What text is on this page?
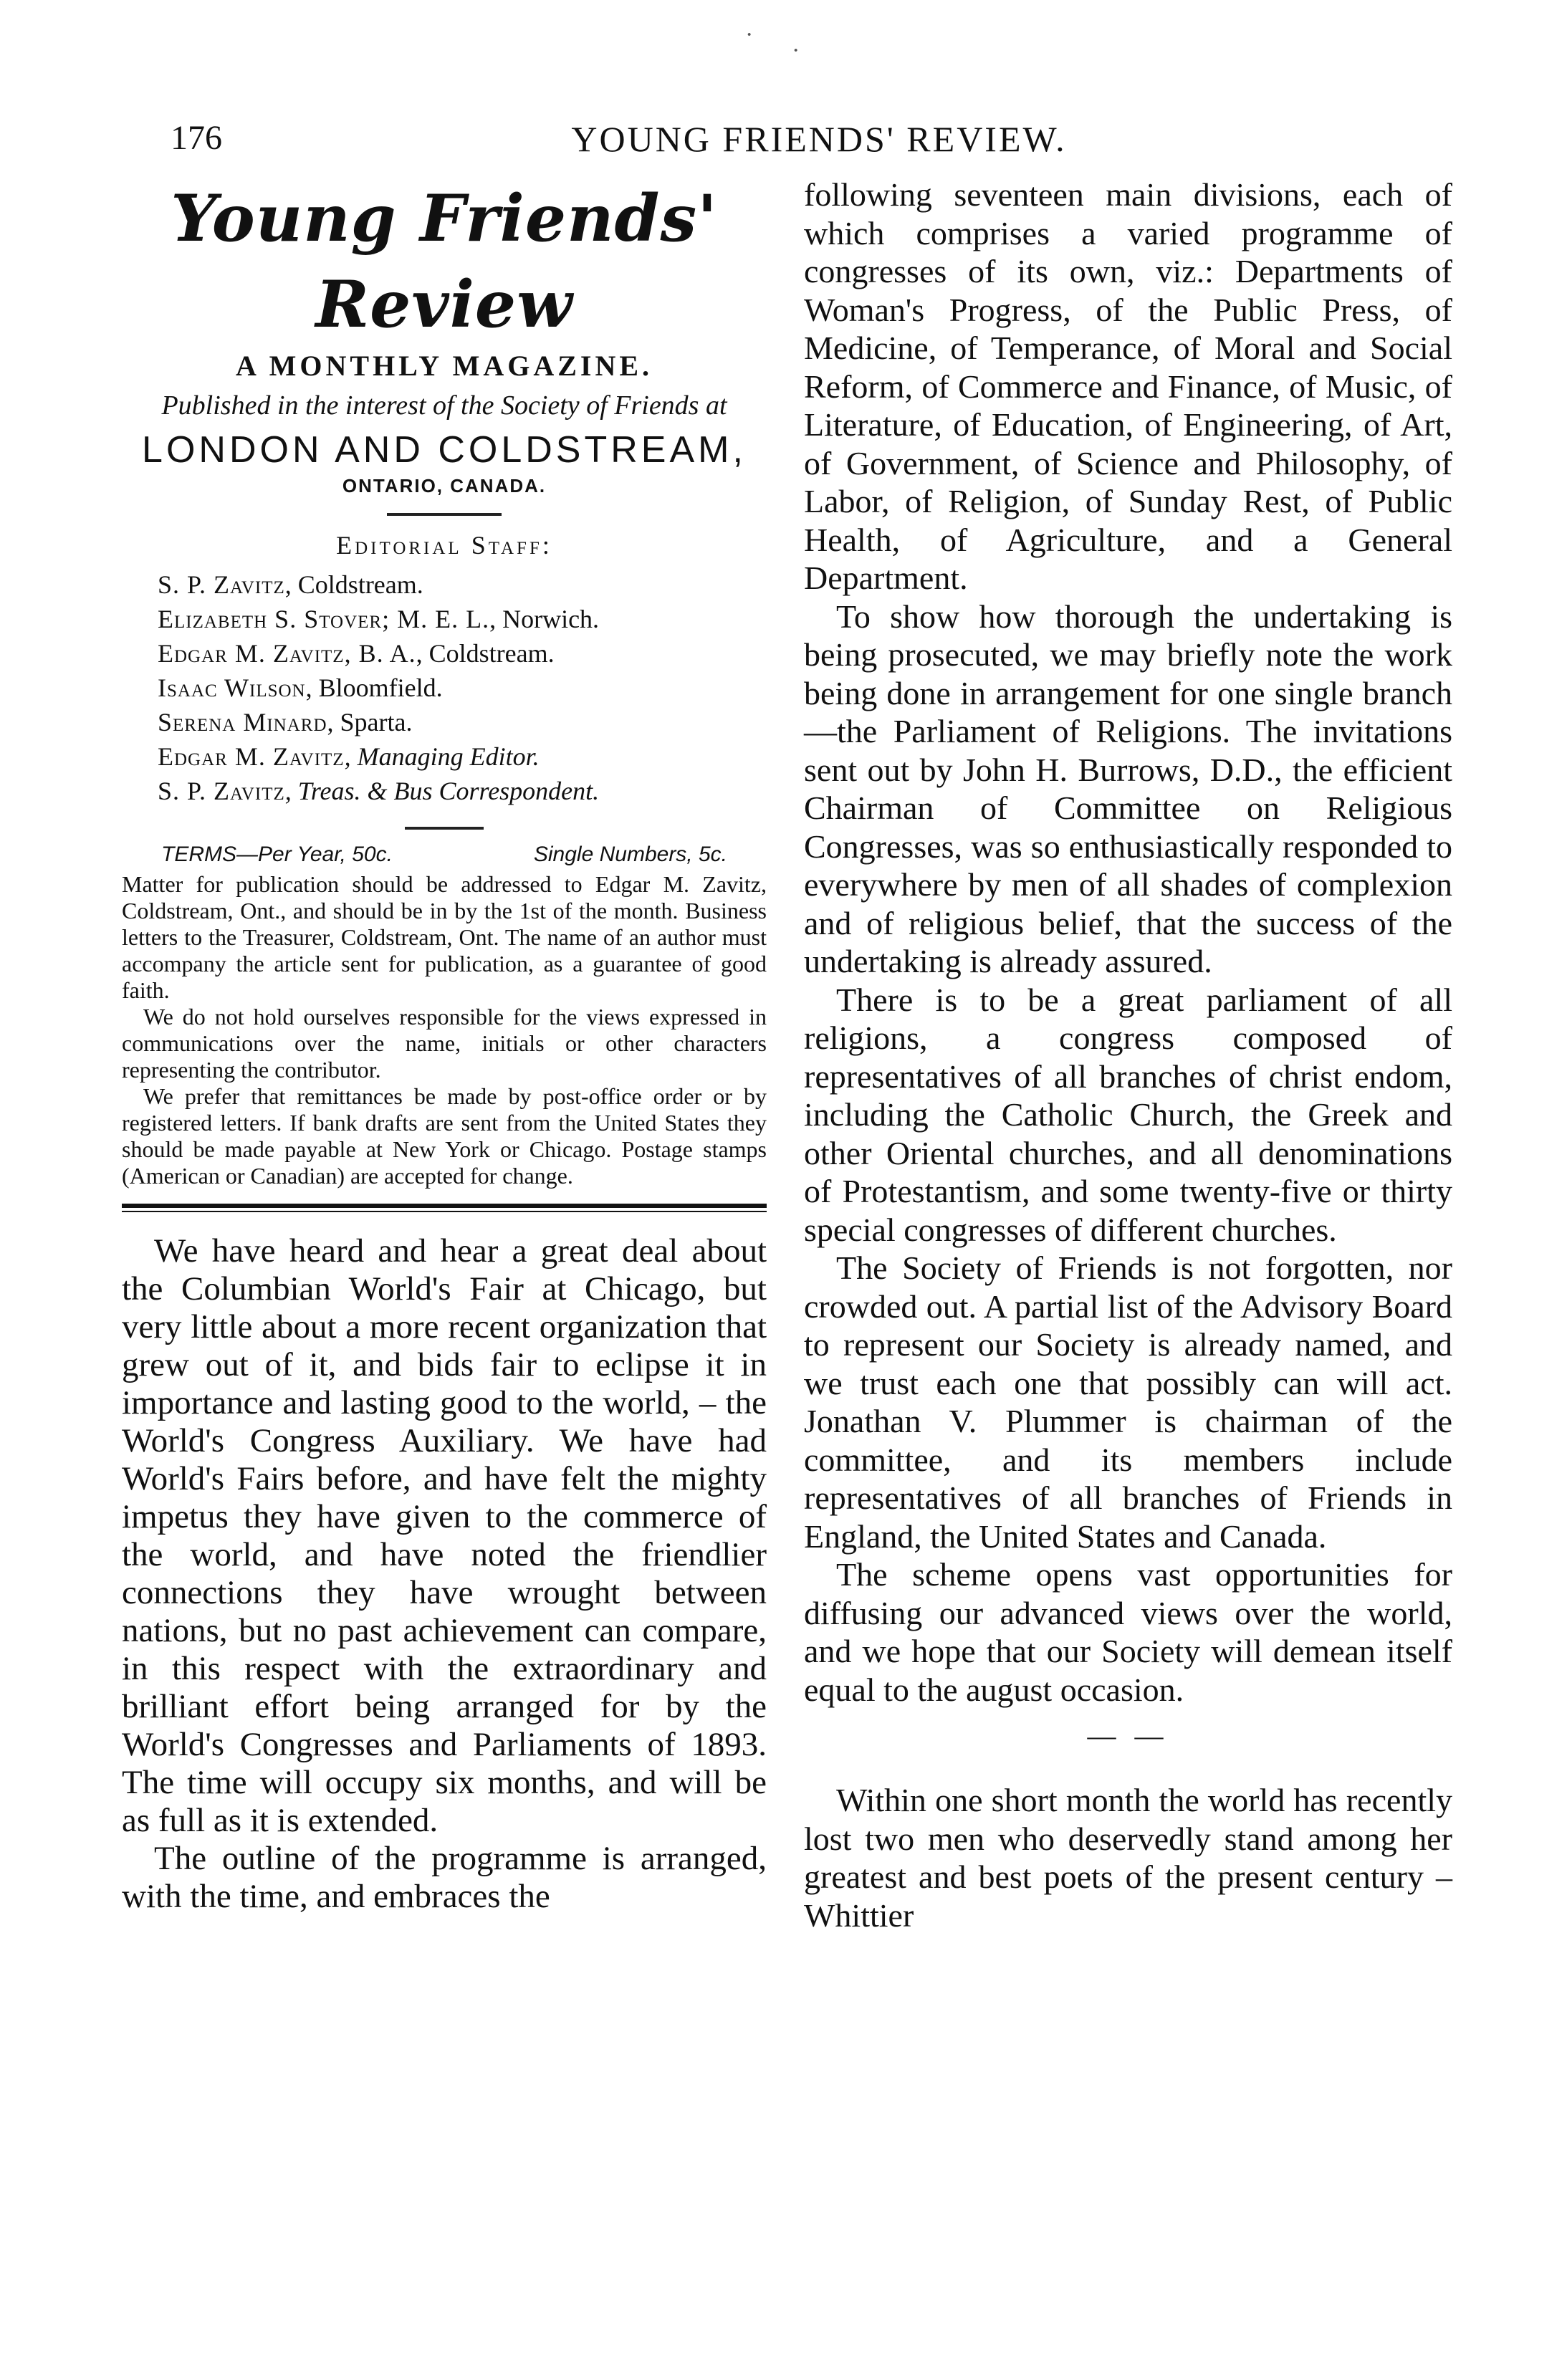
·
·
176	YOUNG FRIENDS' REVIEW.
Young Friends' Review

A MONTHLY MAGAZINE.

Published in the interest of the Society of Friends at

LONDON AND COLDSTREAM,

ONTARIO, CANADA.

Editorial Staff:

S. P. Zavitz, Coldstream.
Elizabeth S. Stover; M. E. L., Norwich.
Edgar M. Zavitz, B. A., Coldstream.
Isaac Wilson, Bloomfield.
Serena Minard, Sparta.
Edgar M. Zavitz, Managing Editor.
S. P. Zavitz, Treas. & Bus Correspondent.
TERMS—Per Year, 50c.	Single Numbers, 5c.

Matter for publication should be addressed to Edgar M. Zavitz, Coldstream, Ont., and should be in by the 1st of the month. Business letters to the Treasurer, Coldstream, Ont. The name of an author must accompany the article sent for publication, as a guarantee of good faith.

We do not hold ourselves responsible for the views expressed in communications over the name, initials or other characters representing the contributor.

We prefer that remittances be made by post-office order or by registered letters. If bank drafts are sent from the United States they should be made payable at New York or Chicago. Postage stamps (American or Canadian) are accepted for change.

We have heard and hear a great deal about the Columbian World's Fair at Chicago, but very little about a more recent organization that grew out of it, and bids fair to eclipse it in importance and lasting good to the world, – the World's Congress Auxiliary. We have had World's Fairs before, and have felt the mighty impetus they have given to the commerce of the world, and have noted the friendlier connections they have wrought between nations, but no past achievement can compare, in this respect with the extraordinary and brilliant effort being arranged for by the World's Congresses and Parliaments of 1893. The time will occupy six months, and will be as full as it is extended.

The outline of the programme is arranged, with the time, and embraces the

following seventeen main divisions, each of which comprises a varied programme of congresses of its own, viz.: Departments of Woman's Progress, of the Public Press, of Medicine, of Temperance, of Moral and Social Reform, of Commerce and Finance, of Music, of Literature, of Education, of Engineering, of Art, of Government, of Science and Philosophy, of Labor, of Religion, of Sunday Rest, of Public Health, of Agriculture, and a General Department.

To show how thorough the undertaking is being prosecuted, we may briefly note the work being done in arrangement for one single branch—the Parliament of Religions. The invitations sent out by John H. Burrows, D.D., the efficient Chairman of Committee on Religious Congresses, was so enthusiastically responded to everywhere by men of all shades of complexion and of religious belief, that the success of the undertaking is already assured.

There is to be a great parliament of all religions, a congress composed of representatives of all branches of christ endom, including the Catholic Church, the Greek and other Oriental churches, and all denominations of Protestantism, and some twenty-five or thirty special congresses of different churches.

The Society of Friends is not forgotten, nor crowded out. A partial list of the Advisory Board to represent our Society is already named, and we trust each one that possibly can will act. Jonathan V. Plummer is chairman of the committee, and its members include representatives of all branches of Friends in England, the United States and Canada.

The scheme opens vast opportunities for diffusing our advanced views over the world, and we hope that our Society will demean itself equal to the august occasion.

— —

Within one short month the world has recently lost two men who deservedly stand among her greatest and best poets of the present century – Whittier
